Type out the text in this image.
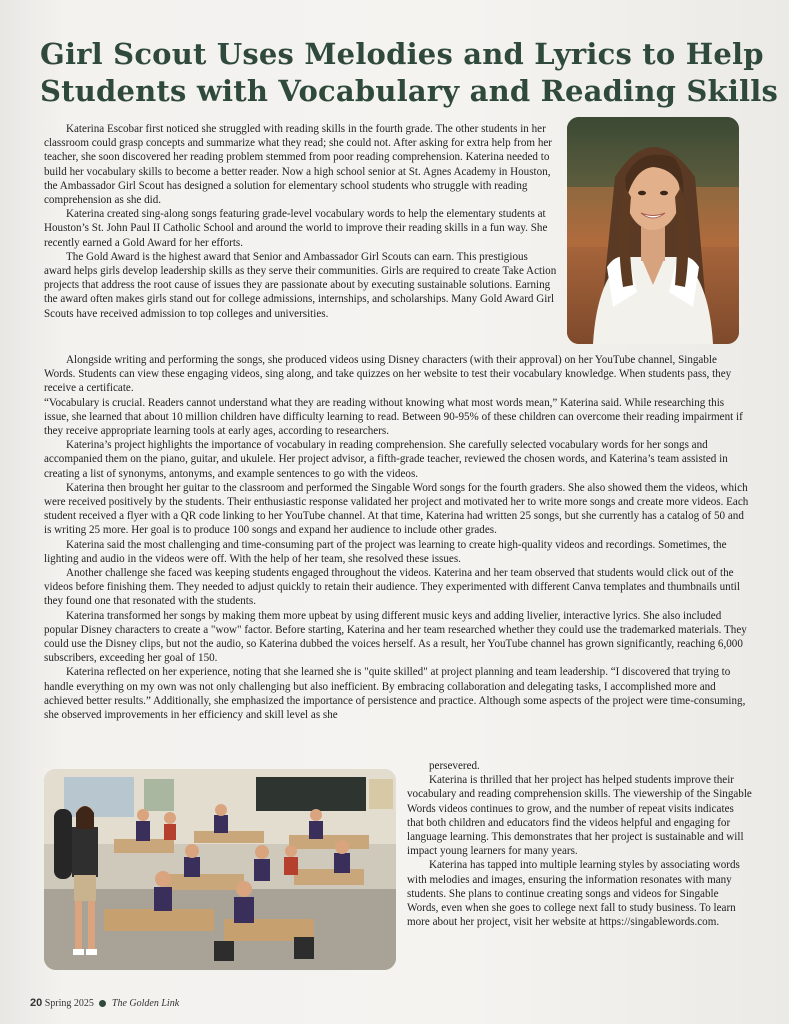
Girl Scout Uses Melodies and Lyrics to Help
Students with Vocabulary and Reading Skills
Katerina Escobar first noticed she struggled with reading skills in the fourth grade. The other students in her classroom could grasp concepts and summarize what they read; she could not. After asking for extra help from her teacher, she soon discovered her reading problem stemmed from poor reading comprehension. Katerina needed to build her vocabulary skills to become a better reader. Now a high school senior at St. Agnes Academy in Houston, the Ambassador Girl Scout has designed a solution for elementary school students who struggle with reading comprehension as she did.
Katerina created sing-along songs featuring grade-level vocabulary words to help the elementary students at Houston’s St. John Paul II Catholic School and around the world to improve their reading skills in a fun way. She recently earned a Gold Award for her efforts.
The Gold Award is the highest award that Senior and Ambassador Girl Scouts can earn. This prestigious award helps girls develop leadership skills as they serve their communities. Girls are required to create Take Action projects that address the root cause of issues they are passionate about by executing sustainable solutions. Earning the award often makes girls stand out for college admissions, internships, and scholarships. Many Gold Award Girl Scouts have received admission to top colleges and universities.
Alongside writing and performing the songs, she produced videos using Disney characters (with their approval) on her YouTube channel, Singable Words. Students can view these engaging videos, sing along, and take quizzes on her website to test their vocabulary knowledge. When students pass, they receive a certificate.
“Vocabulary is crucial. Readers cannot understand what they are reading without knowing what most words mean,” Katerina said. While researching this issue, she learned that about 10 million children have difficulty learning to read. Between 90-95% of these children can overcome their reading impairment if they receive appropriate learning tools at early ages, according to researchers.
Katerina’s project highlights the importance of vocabulary in reading comprehension. She carefully selected vocabulary words for her songs and accompanied them on the piano, guitar, and ukulele. Her project advisor, a fifth-grade teacher, reviewed the chosen words, and Katerina’s team assisted in creating a list of synonyms, antonyms, and example sentences to go with the videos.
Katerina then brought her guitar to the classroom and performed the Singable Word songs for the fourth graders. She also showed them the videos, which were received positively by the students. Their enthusiastic response validated her project and motivated her to write more songs and create more videos. Each student received a flyer with a QR code linking to her YouTube channel. At that time, Katerina had written 25 songs, but she currently has a catalog of 50 and is writing 25 more. Her goal is to produce 100 songs and expand her audience to include other grades.
Katerina said the most challenging and time-consuming part of the project was learning to create high-quality videos and recordings. Sometimes, the lighting and audio in the videos were off. With the help of her team, she resolved these issues.
Another challenge she faced was keeping students engaged throughout the videos. Katerina and her team observed that students would click out of the videos before finishing them. They needed to adjust quickly to retain their audience. They experimented with different Canva templates and thumbnails until they found one that resonated with the students.
Katerina transformed her songs by making them more upbeat by using different music keys and adding livelier, interactive lyrics. She also included popular Disney characters to create a "wow" factor. Before starting, Katerina and her team researched whether they could use the trademarked materials. They could use the Disney clips, but not the audio, so Katerina dubbed the voices herself. As a result, her YouTube channel has grown significantly, reaching 6,000 subscribers, exceeding her goal of 150.
Katerina reflected on her experience, noting that she learned she is "quite skilled" at project planning and team leadership. “I discovered that trying to handle everything on my own was not only challenging but also inefficient. By embracing collaboration and delegating tasks, I accomplished more and achieved better results.” Additionally, she emphasized the importance of persistence and practice. Although some aspects of the project were time-consuming, she observed improvements in her efficiency and skill level as she
persevered.
Katerina is thrilled that her project has helped students improve their vocabulary and reading comprehension skills. The viewership of the Singable Words videos continues to grow, and the number of repeat visits indicates that both children and educators find the videos helpful and engaging for language learning. This demonstrates that her project is sustainable and will impact young learners for many years.
Katerina has tapped into multiple learning styles by associating words with melodies and images, ensuring the information resonates with many students. She plans to continue creating songs and videos for Singable Words, even when she goes to college next fall to study business. To learn more about her project, visit her website at https://singablewords.com.
20 Spring 2025 The Golden Link
